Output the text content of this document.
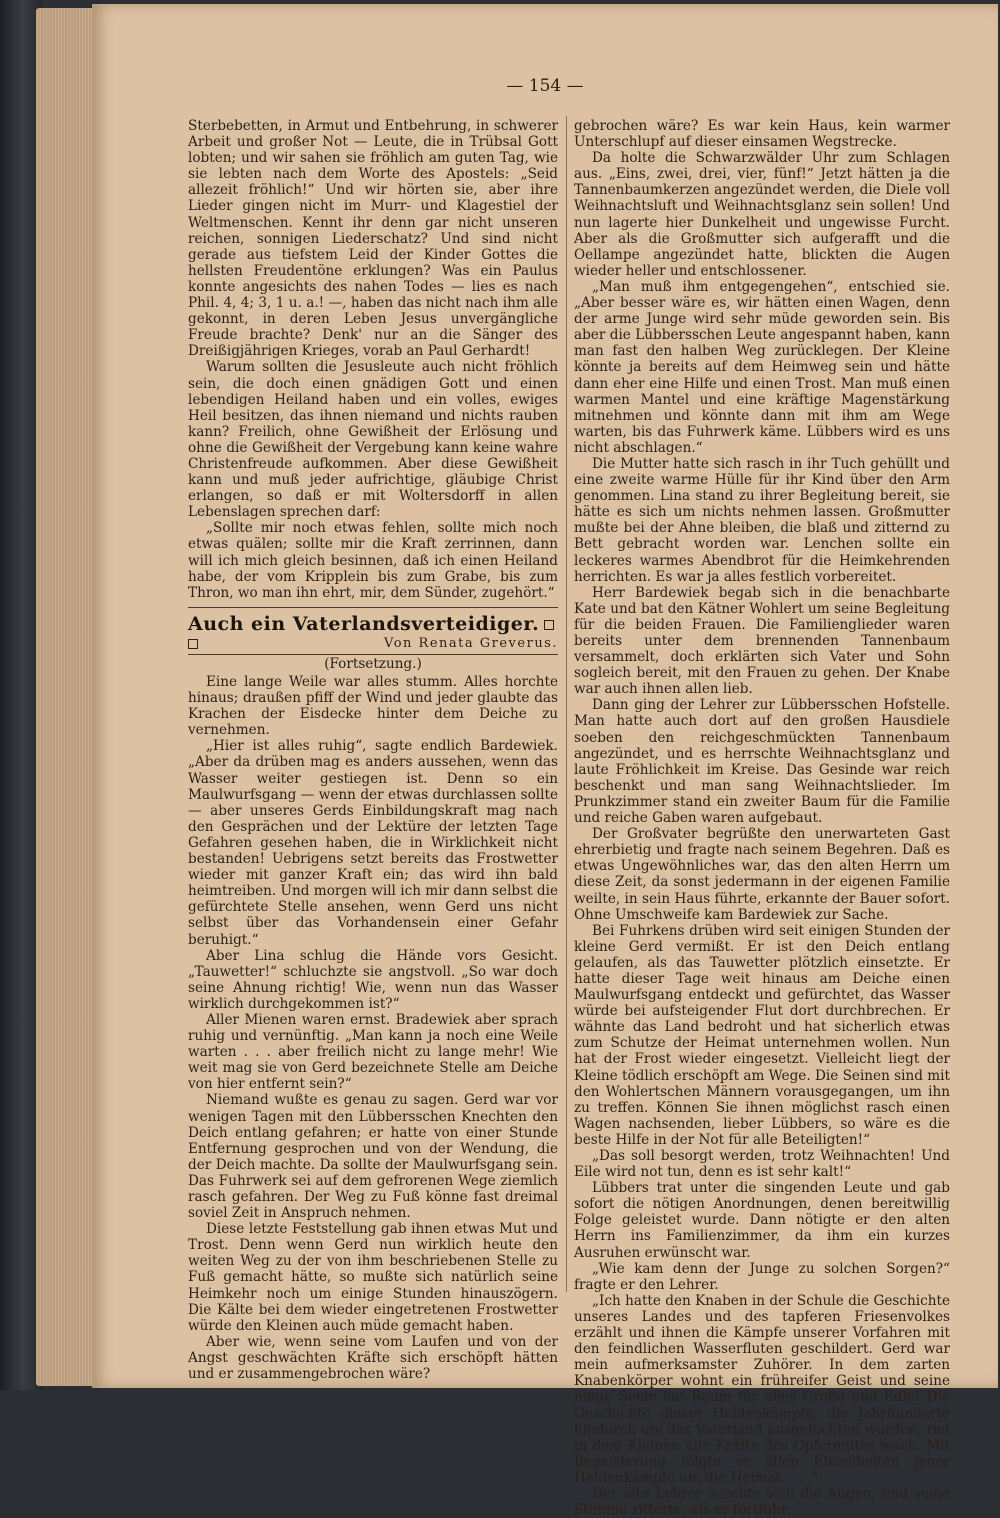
— 154 —

Sterbebetten, in Armut und Entbehrung, in schwerer Arbeit und großer Not — Leute, die in Trübsal Gott lobten; und wir sahen sie fröhlich am guten Tag, wie sie lebten nach dem Worte des Apostels: „Seid allezeit fröhlich!“ Und wir hörten sie, aber ihre Lieder gingen nicht im Murr- und Klagestiel der Weltmenschen. Kennt ihr denn gar nicht unseren reichen, sonnigen Liederschatz? Und sind nicht gerade aus tiefstem Leid der Kinder Gottes die hellsten Freudentöne erklungen? Was ein Paulus konnte angesichts des nahen Todes — lies es nach Phil. 4, 4; 3, 1 u. a.! —, haben das nicht nach ihm alle gekonnt, in deren Leben Jesus unvergängliche Freude brachte? Denk' nur an die Sänger des Dreißigjährigen Krieges, vorab an Paul Gerhardt!

Warum sollten die Jesusleute auch nicht fröhlich sein, die doch einen gnädigen Gott und einen lebendigen Heiland haben und ein volles, ewiges Heil besitzen, das ihnen niemand und nichts rauben kann? Freilich, ohne Gewißheit der Erlösung und ohne die Gewißheit der Vergebung kann keine wahre Christenfreude aufkommen. Aber diese Gewißheit kann und muß jeder aufrichtige, gläubige Christ erlangen, so daß er mit Woltersdorff in allen Lebenslagen sprechen darf:

„Sollte mir noch etwas fehlen, sollte mich noch etwas quälen; sollte mir die Kraft zerrinnen, dann will ich mich gleich besinnen, daß ich einen Heiland habe, der vom Kripplein bis zum Grabe, bis zum Thron, wo man ihn ehrt, mir, dem Sünder, zugehört.“

Auch ein Vaterlandsverteidiger.
Von Renata Greverus.
(Fortsetzung.)

Eine lange Weile war alles stumm. Alles horchte hinaus; draußen pfiff der Wind und jeder glaubte das Krachen der Eisdecke hinter dem Deiche zu vernehmen.

„Hier ist alles ruhig“, sagte endlich Bardewiek. „Aber da drüben mag es anders aussehen, wenn das Wasser weiter gestiegen ist. Denn so ein Maulwurfsgang — wenn der etwas durchlassen sollte — aber unseres Gerds Einbildungskraft mag nach den Gesprächen und der Lektüre der letzten Tage Gefahren gesehen haben, die in Wirklichkeit nicht bestanden! Uebrigens setzt bereits das Frostwetter wieder mit ganzer Kraft ein; das wird ihn bald heimtreiben. Und morgen will ich mir dann selbst die gefürchtete Stelle ansehen, wenn Gerd uns nicht selbst über das Vorhandensein einer Gefahr beruhigt.“

Aber Lina schlug die Hände vors Gesicht. „Tauwetter!“ schluchzte sie angstvoll. „So war doch seine Ahnung richtig! Wie, wenn nun das Wasser wirklich durchgekommen ist?“

Aller Mienen waren ernst. Bradewiek aber sprach ruhig und vernünftig. „Man kann ja noch eine Weile warten . . . aber freilich nicht zu lange mehr! Wie weit mag sie von Gerd bezeichnete Stelle am Deiche von hier entfernt sein?“

Niemand wußte es genau zu sagen. Gerd war vor wenigen Tagen mit den Lübbersschen Knechten den Deich entlang gefahren; er hatte von einer Stunde Entfernung gesprochen und von der Wendung, die der Deich machte. Da sollte der Maulwurfsgang sein. Das Fuhrwerk sei auf dem gefrorenen Wege ziemlich rasch gefahren. Der Weg zu Fuß könne fast dreimal soviel Zeit in Anspruch nehmen.

Diese letzte Feststellung gab ihnen etwas Mut und Trost. Denn wenn Gerd nun wirklich heute den weiten Weg zu der von ihm beschriebenen Stelle zu Fuß gemacht hätte, so mußte sich natürlich seine Heimkehr noch um einige Stunden hinauszögern. Die Kälte bei dem wieder eingetretenen Frostwetter würde den Kleinen auch müde gemacht haben.

Aber wie, wenn seine vom Laufen und von der Angst geschwächten Kräfte sich erschöpft hätten und er zusammengebrochen wäre?

gebrochen wäre? Es war kein Haus, kein warmer Unterschlupf auf dieser einsamen Wegstrecke.

Da holte die Schwarzwälder Uhr zum Schlagen aus. „Eins, zwei, drei, vier, fünf!“ Jetzt hätten ja die Tannenbaumkerzen angezündet werden, die Diele voll Weihnachtsluft und Weihnachtsglanz sein sollen! Und nun lagerte hier Dunkelheit und ungewisse Furcht. Aber als die Großmutter sich aufgerafft und die Oellampe angezündet hatte, blickten die Augen wieder heller und entschlossener.

„Man muß ihm entgegengehen“, entschied sie. „Aber besser wäre es, wir hätten einen Wagen, denn der arme Junge wird sehr müde geworden sein. Bis aber die Lübbersschen Leute angespannt haben, kann man fast den halben Weg zurücklegen. Der Kleine könnte ja bereits auf dem Heimweg sein und hätte dann eher eine Hilfe und einen Trost. Man muß einen warmen Mantel und eine kräftige Magenstärkung mitnehmen und könnte dann mit ihm am Wege warten, bis das Fuhrwerk käme. Lübbers wird es uns nicht abschlagen.“

Die Mutter hatte sich rasch in ihr Tuch gehüllt und eine zweite warme Hülle für ihr Kind über den Arm genommen. Lina stand zu ihrer Begleitung bereit, sie hätte es sich um nichts nehmen lassen. Großmutter mußte bei der Ahne bleiben, die blaß und zitternd zu Bett gebracht worden war. Lenchen sollte ein leckeres warmes Abendbrot für die Heimkehrenden herrichten. Es war ja alles festlich vorbereitet.

Herr Bardewiek begab sich in die benachbarte Kate und bat den Kätner Wohlert um seine Begleitung für die beiden Frauen. Die Familienglieder waren bereits unter dem brennenden Tannenbaum versammelt, doch erklärten sich Vater und Sohn sogleich bereit, mit den Frauen zu gehen. Der Knabe war auch ihnen allen lieb.

Dann ging der Lehrer zur Lübbersschen Hofstelle. Man hatte auch dort auf den großen Hausdiele soeben den reichgeschmückten Tannenbaum angezündet, und es herrschte Weihnachtsglanz und laute Fröhlichkeit im Kreise. Das Gesinde war reich beschenkt und man sang Weihnachtslieder. Im Prunkzimmer stand ein zweiter Baum für die Familie und reiche Gaben waren aufgebaut.

Der Großvater begrüßte den unerwarteten Gast ehrerbietig und fragte nach seinem Begehren. Daß es etwas Ungewöhnliches war, das den alten Herrn um diese Zeit, da sonst jedermann in der eigenen Familie weilte, in sein Haus führte, erkannte der Bauer sofort. Ohne Umschweife kam Bardewiek zur Sache.

Bei Fuhrkens drüben wird seit einigen Stunden der kleine Gerd vermißt. Er ist den Deich entlang gelaufen, als das Tauwetter plötzlich einsetzte. Er hatte dieser Tage weit hinaus am Deiche einen Maulwurfsgang entdeckt und gefürchtet, das Wasser würde bei aufsteigender Flut dort durchbrechen. Er wähnte das Land bedroht und hat sicherlich etwas zum Schutze der Heimat unternehmen wollen. Nun hat der Frost wieder eingesetzt. Vielleicht liegt der Kleine tödlich erschöpft am Wege. Die Seinen sind mit den Wohlertschen Männern vorausgegangen, um ihn zu treffen. Können Sie ihnen möglichst rasch einen Wagen nachsenden, lieber Lübbers, so wäre es die beste Hilfe in der Not für alle Beteiligten!“

„Das soll besorgt werden, trotz Weihnachten! Und Eile wird not tun, denn es ist sehr kalt!“

Lübbers trat unter die singenden Leute und gab sofort die nötigen Anordnungen, denen bereitwillig Folge geleistet wurde. Dann nötigte er den alten Herrn ins Familienzimmer, da ihm ein kurzes Ausruhen erwünscht war.

„Wie kam denn der Junge zu solchen Sorgen?“ fragte er den Lehrer.

„Ich hatte den Knaben in der Schule die Geschichte unseres Landes und des tapferen Friesenvolkes erzählt und ihnen die Kämpfe unserer Vorfahren mit den feindlichen Wasserfluten geschildert. Gerd war mein aufmerksamster Zuhörer. In dem zarten Knabenkörper wohnt ein frühreifer Geist und seine junge Seele hat Raum für alles Große und Edle! Die Geschichte dieser Heldenkämpfe, die Jahrhunderte hindurch um das Vaterland ausgefochten wurden, rief in dem Kleinen alle Kräfte des Opfermutes wach. Mit Begeisterung folgte er allen Einzelheiten jener Heldenkämpfe um die Heimat. . . .“

Der alte Lehrer wischte sich die Augen, und seine Stimme zitterte, als er fortfuhr:
